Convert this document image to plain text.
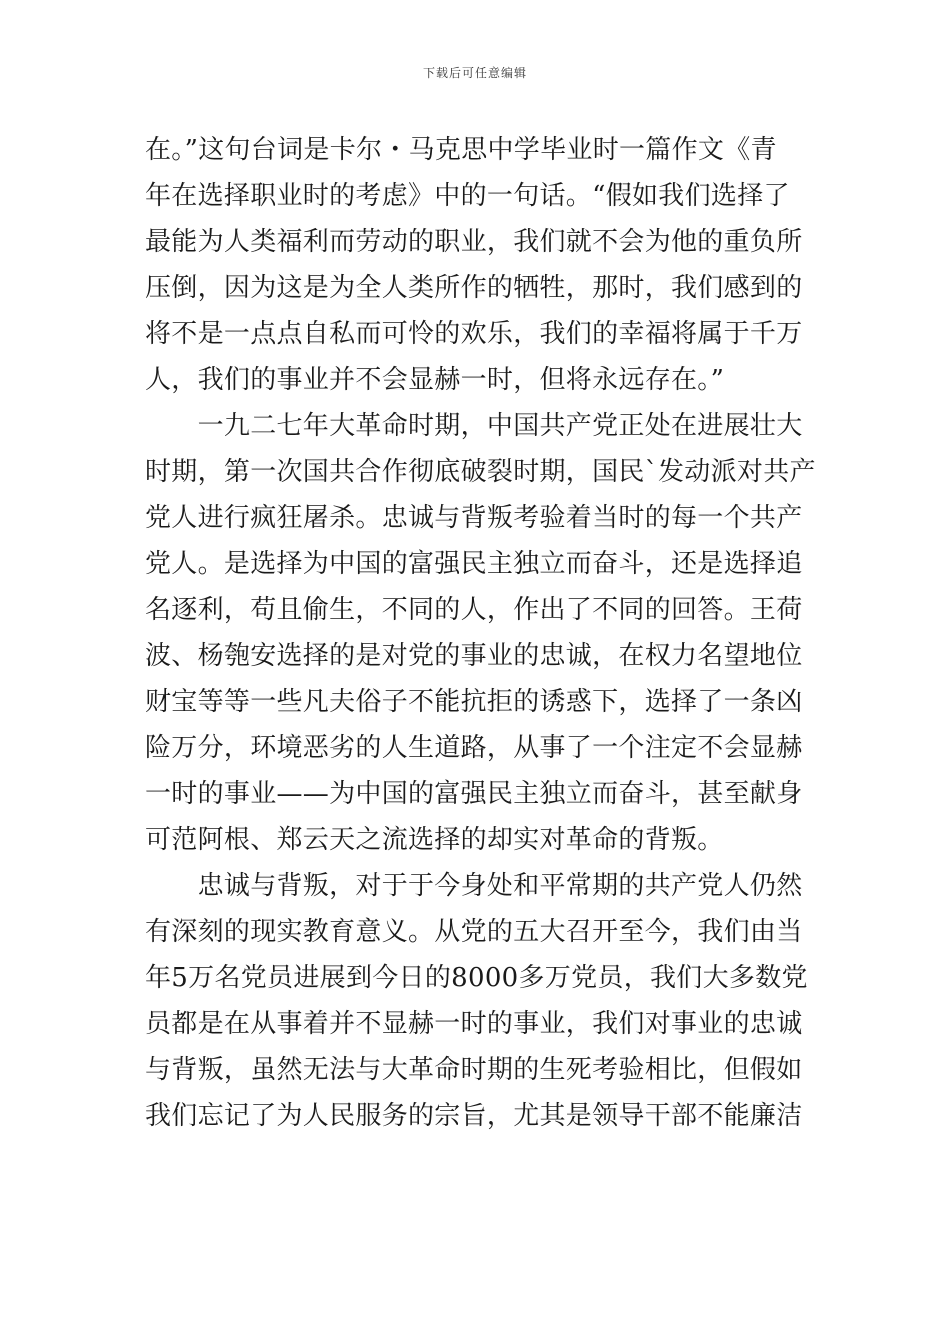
下载后可任意编辑
在。”这句台词是卡尔・马克思中学毕业时一篇作文《青
年在选择职业时的考虑》中的一句话。“假如我们选择了
最能为人类福利而劳动的职业，我们就不会为他的重负所
压倒，因为这是为全人类所作的牺牲，那时，我们感到的
将不是一点点自私而可怜的欢乐，我们的幸福将属于千万
人，我们的事业并不会显赫一时，但将永远存在。”
　　一九二七年大革命时期，中国共产党正处在进展壮大
时期，第一次国共合作彻底破裂时期，国民`发动派对共产
党人进行疯狂屠杀。忠诚与背叛考验着当时的每一个共产
党人。是选择为中国的富强民主独立而奋斗，还是选择追
名逐利，苟且偷生，不同的人，作出了不同的回答。王荷
波、杨匏安选择的是对党的事业的忠诚，在权力名望地位
财宝等等一些凡夫俗子不能抗拒的诱惑下，选择了一条凶
险万分，环境恶劣的人生道路，从事了一个注定不会显赫
一时的事业——为中国的富强民主独立而奋斗，甚至献身
可范阿根、郑云天之流选择的却实对革命的背叛。
　　忠诚与背叛，对于于今身处和平常期的共产党人仍然
有深刻的现实教育意义。从党的五大召开至今，我们由当
年5万名党员进展到今日的8000多万党员，我们大多数党
员都是在从事着并不显赫一时的事业，我们对事业的忠诚
与背叛，虽然无法与大革命时期的生死考验相比，但假如
我们忘记了为人民服务的宗旨，尤其是领导干部不能廉洁
